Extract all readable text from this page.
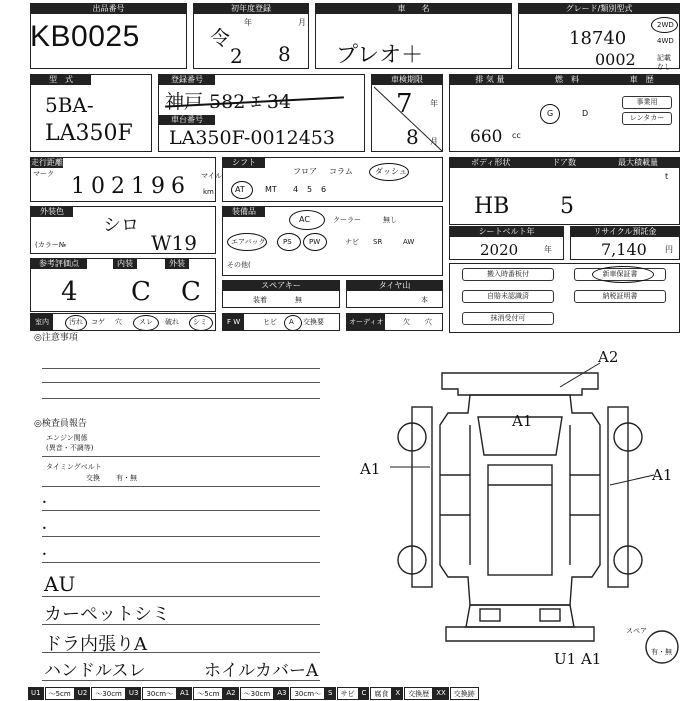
出品番号
KB0025
初年度登録
年	月
令
2 8
車　　名
プレオ＋
グレード/類別型式
18740
0002
2WD
4WD
記載なし
型　式
5BA-
LA350F
登録番号
神戸 582 ｴ 34
車台番号
LA350F-0012453
車検期限
7 年
8 月
排 気 量	燃　料	車　歴
660 cc
G	D
事業用
レンタカー
走行距離
マーク 102196 マイル
km
シフト
フロア コラム	ダッシュ
AT	MT 4 5 6
ボディ形状	ドア数	最大積載量
HB 5
t
外装色
シロ
(カラー№	W19
装備品
AC	クーラー	無し
エアバック	PS PW	ナビ SR	AW
その他(
シートベルト年
2020	年
リサイクル預託金
7,140 円
参考評価点	内装	外装
4 C C	スペアキー
装着	無
タイヤ山
本
搬入時番板付	新車保証書
自賠未認識済	納税証明書
抹消受付可
室内	汚れ コゲ 穴 スレ 破れ シミ	F W	ヒビ A 交換要	オーディオ	欠 穴
◎注意事項
◎検査員報告
エンジン関係
(異音・不調等)
タイミングベルト
交換 有・無
•
•
•
AU
カーペットシミ
ドラ内張りA
ハンドルスレ	ホイルカバーA
A2
A1
A1	A1
U1 A1
スペア
有・無
U1	～5cm	U2	～30cm	U3	30cm～	A1	～5cm	A2	～30cm	A3	30cm～	S	サビ	C	腐食	X	交換歴	XX	交換跡
